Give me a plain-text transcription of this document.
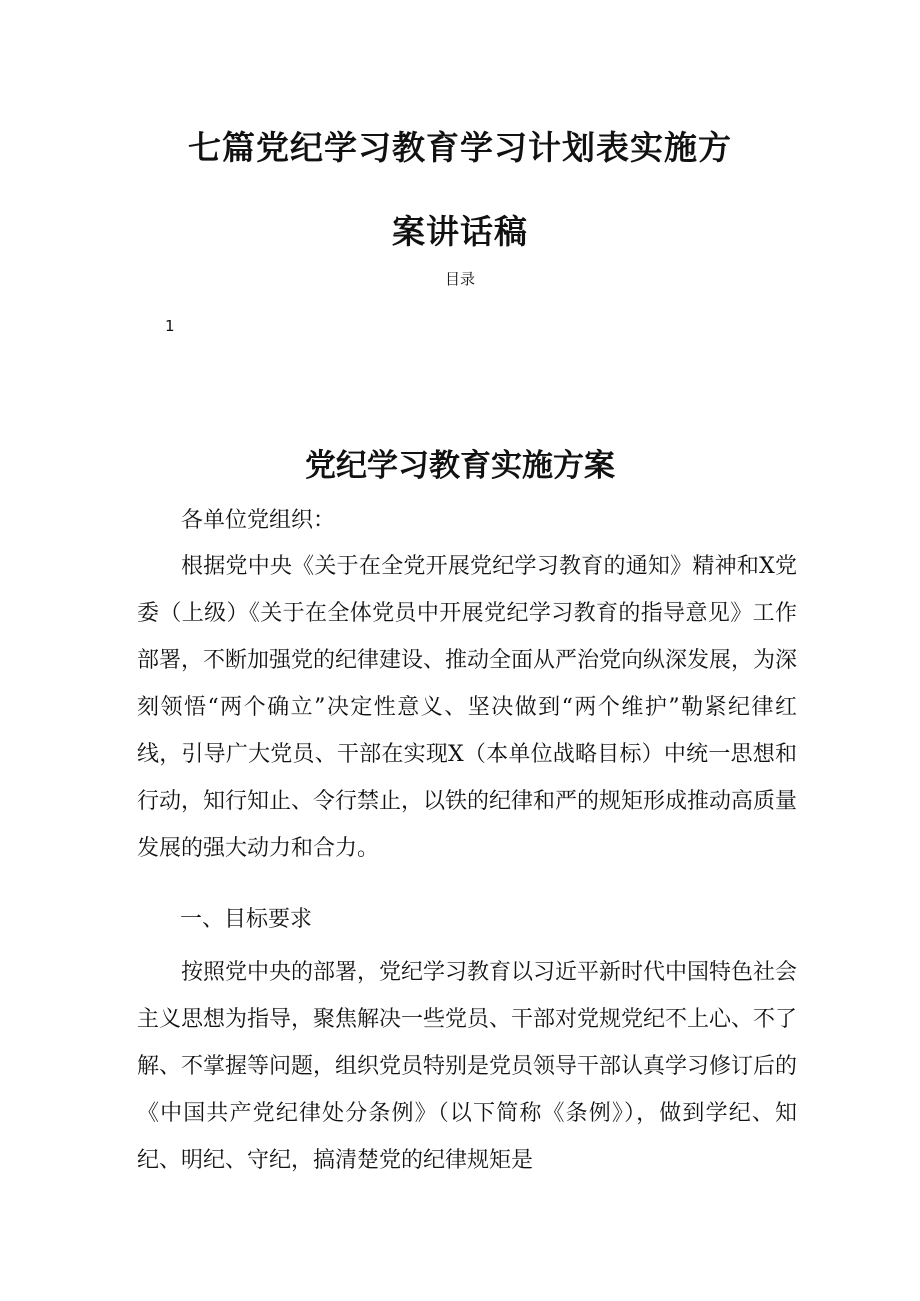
七篇党纪学习教育学习计划表实施方
案讲话稿
目录
1
党纪学习教育实施方案

各单位党组织：

根据党中央《关于在全党开展党纪学习教育的通知》精神和X党委（上级）《关于在全体党员中开展党纪学习教育的指导意见》工作部署，不断加强党的纪律建设、推动全面从严治党向纵深发展，为深刻领悟“两个确立”决定性意义、坚决做到“两个维护”勒紧纪律红线，引导广大党员、干部在实现X（本单位战略目标）中统一思想和行动，知行知止、令行禁止，以铁的纪律和严的规矩形成推动高质量发展的强大动力和合力。

一、目标要求

按照党中央的部署，党纪学习教育以习近平新时代中国特色社会主义思想为指导，聚焦解决一些党员、干部对党规党纪不上心、不了解、不掌握等问题，组织党员特别是党员领导干部认真学习修订后的《中国共产党纪律处分条例》（以下简称《条例》），做到学纪、知纪、明纪、守纪，搞清楚党的纪律规矩是
